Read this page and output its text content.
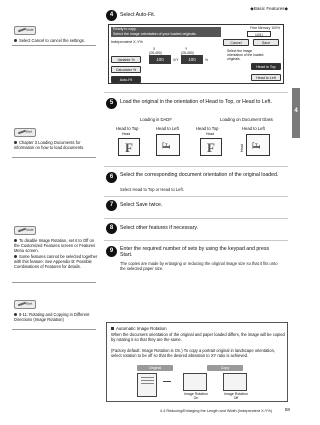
◆Basic Features◆
4
Note
Select Cancel to cancel the settings.
Ref.
Chapter 3 Loading Documents for information on how to load documents.
Note
To disable Image Rotation, set it to Off on the Customized Features screen or Features Menu screen.
Some features cannot be selected together with this feature. See Appendix B: Possible Combinations of Features for details.
Ref.
8-11: Rotating and Copying in Different Directions (Image Rotation)
4	Select Auto-Fit.
Ready to copy.
Select the image orientation of your loaded originals.
Free Memory 100%
1(01)
Independent X-Y%	Cancel	Save
X
(25-400)
Y
(25-400)
Variable %	100	X/Y	100	%
Calculator %
Auto-Fit
Select the image orientation of the loaded originals.
Head to Top
Head to Left
5	Load the original in the orientation of Head to Top, or Head to Left.
Loading in DADF	Loading on Document Glass
Head to Top	Head to Left	Head to Top	Head to Left
Head
F F
Head
F	Head F
6	Select the corresponding document orientation of the original loaded.
Select Head to Top or Head to Left.
7	Select Save twice.
8	Select other features if necessary.
9	Enter the required number of sets by using the keypad and press Start.
The copies are made by enlarging or reducing the original image size so that it fits onto the selected paper size.
Automatic Image Rotation
When the document orientation of the original and paper loaded differs, the image will be copied by rotating it so that they are the same.
(Factory default: Image Rotation is On.) To copy a portrait original in landscape orientation, select rotation to be off so that the desired alteration to XY ratio is achieved.
Original	Copy
Image Rotation
On
Image Rotation
Off
4.4 Reducing/Enlarging the Length and Width (Independent X-Y%)	58
